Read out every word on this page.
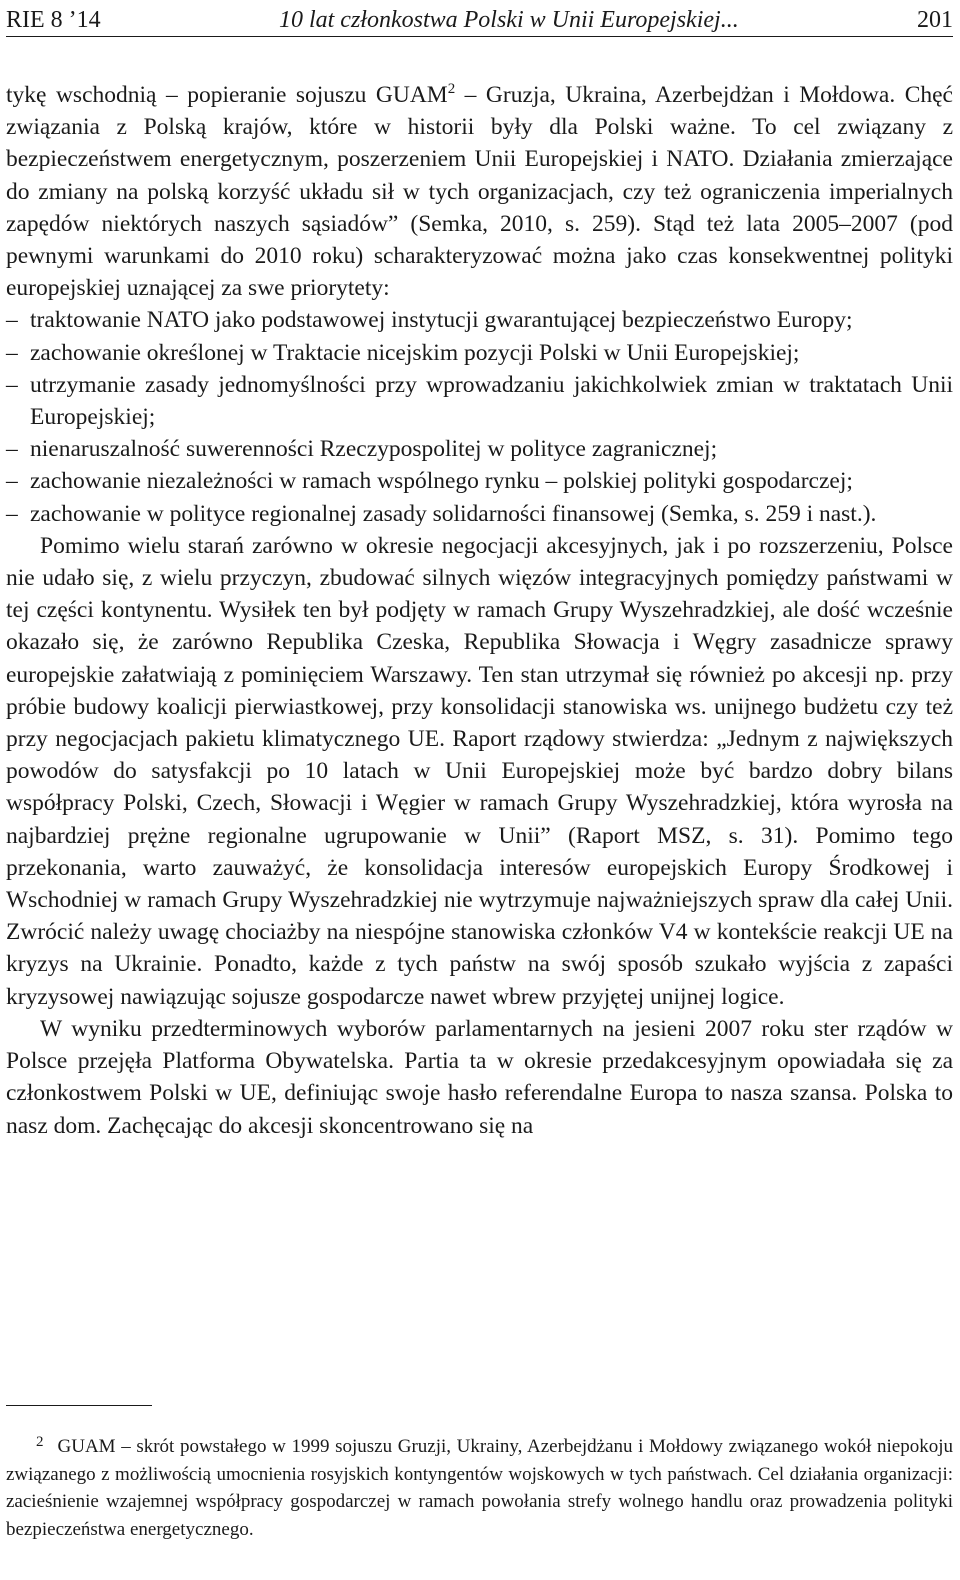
RIE 8 ’14	10 lat członkostwa Polski w Unii Europejskiej...	201

tykę wschodnią – popieranie sojuszu GUAM$^2$ – Gruzja, Ukraina, Azerbejdżan i Mołdowa. Chęć związania z Polską krajów, które w historii były dla Polski ważne. To cel związany z bezpieczeństwem energetycznym, poszerzeniem Unii Europejskiej i NATO. Działania zmierzające do zmiany na polską korzyść układu sił w tych organizacjach, czy też ograniczenia imperialnych zapędów niektórych naszych sąsiadów” (Semka, 2010, s. 259). Stąd też lata 2005–2007 (pod pewnymi warunkami do 2010 roku) scharakteryzować można jako czas konsekwentnej polityki europejskiej uznającej za swe priorytety:

– traktowanie NATO jako podstawowej instytucji gwarantującej bezpieczeństwo Europy;
– zachowanie określonej w Traktacie nicejskim pozycji Polski w Unii Europejskiej;
– utrzymanie zasady jednomyślności przy wprowadzaniu jakichkolwiek zmian w traktatach Unii Europejskiej;
– nienaruszalność suwerenności Rzeczypospolitej w polityce zagranicznej;
– zachowanie niezależności w ramach wspólnego rynku – polskiej polityki gospodarczej;
– zachowanie w polityce regionalnej zasady solidarności finansowej (Semka, s. 259 i nast.).

Pomimo wielu starań zarówno w okresie negocjacji akcesyjnych, jak i po rozszerzeniu, Polsce nie udało się, z wielu przyczyn, zbudować silnych więzów integracyjnych pomiędzy państwami w tej części kontynentu. Wysiłek ten był podjęty w ramach Grupy Wyszehradzkiej, ale dość wcześnie okazało się, że zarówno Republika Czeska, Republika Słowacja i Węgry zasadnicze sprawy europejskie załatwiają z pominięciem Warszawy. Ten stan utrzymał się również po akcesji np. przy próbie budowy koalicji pierwiastkowej, przy konsolidacji stanowiska ws. unijnego budżetu czy też przy negocjacjach pakietu klimatycznego UE. Raport rządowy stwierdza: „Jednym z największych powodów do satysfakcji po 10 latach w Unii Europejskiej może być bardzo dobry bilans współpracy Polski, Czech, Słowacji i Węgier w ramach Grupy Wyszehradzkiej, która wyrosła na najbardziej prężne regionalne ugrupowanie w Unii” (Raport MSZ, s. 31). Pomimo tego przekonania, warto zauważyć, że konsolidacja interesów europejskich Europy Środkowej i Wschodniej w ramach Grupy Wyszehradzkiej nie wytrzymuje najważniejszych spraw dla całej Unii. Zwrócić należy uwagę chociażby na niespójne stanowiska członków V4 w kontekście reakcji UE na kryzys na Ukrainie. Ponadto, każde z tych państw na swój sposób szukało wyjścia z zapaści kryzysowej nawiązując sojusze gospodarcze nawet wbrew przyjętej unijnej logice.

W wyniku przedterminowych wyborów parlamentarnych na jesieni 2007 roku ster rządów w Polsce przejęła Platforma Obywatelska. Partia ta w okresie przedakcesyjnym opowiadała się za członkostwem Polski w UE, definiując swoje hasło referendalne Europa to nasza szansa. Polska to nasz dom. Zachęcając do akcesji skoncentrowano się na

$^2$ GUAM – skrót powstałego w 1999 sojuszu Gruzji, Ukrainy, Azerbejdżanu i Mołdowy związanego wokół niepokoju związanego z możliwością umocnienia rosyjskich kontyngentów wojskowych w tych państwach. Cel działania organizacji: zacieśnienie wzajemnej współpracy gospodarczej w ramach powołania strefy wolnego handlu oraz prowadzenia polityki bezpieczeństwa energetycznego.
